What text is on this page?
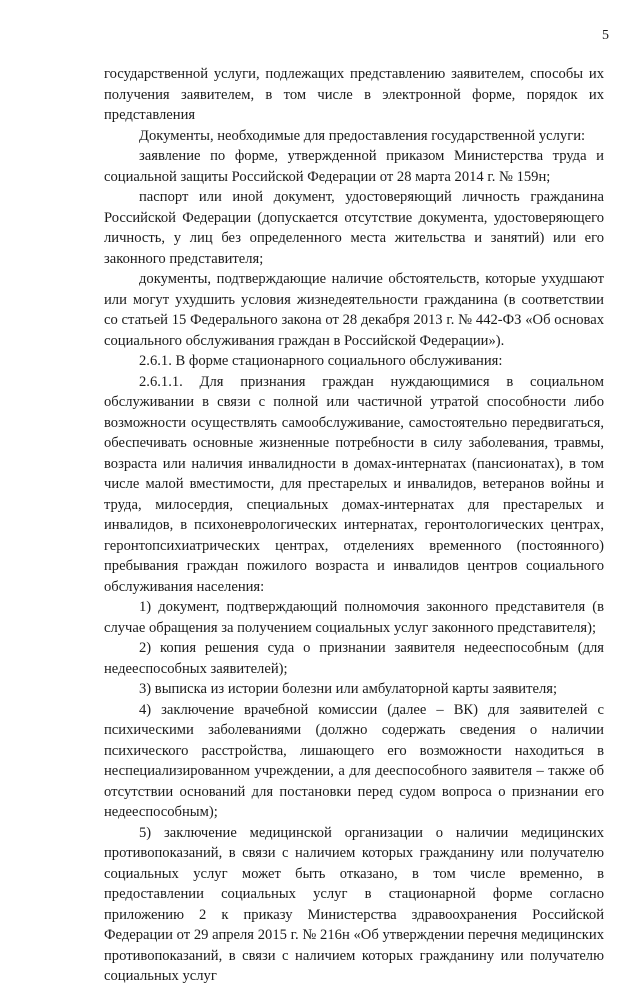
5

государственной услуги, подлежащих представлению заявителем, способы их получения заявителем, в том числе в электронной форме, порядок их представления

Документы, необходимые для предоставления государственной услуги:

заявление по форме, утвержденной приказом Министерства труда и социальной защиты Российской Федерации от 28 марта 2014 г. № 159н;

паспорт или иной документ, удостоверяющий личность гражданина Российской Федерации (допускается отсутствие документа, удостоверяющего личность, у лиц без определенного места жительства и занятий) или его законного представителя;

документы, подтверждающие наличие обстоятельств, которые ухудшают или могут ухудшить условия жизнедеятельности гражданина (в соответствии со статьей 15 Федерального закона от 28 декабря 2013 г. № 442-ФЗ «Об основах социального обслуживания граждан в Российской Федерации»).

2.6.1. В форме стационарного социального обслуживания:

2.6.1.1. Для признания граждан нуждающимися в социальном обслуживании в связи с полной или частичной утратой способности либо возможности осуществлять самообслуживание, самостоятельно передвигаться, обеспечивать основные жизненные потребности в силу заболевания, травмы, возраста или наличия инвалидности в домах-интернатах (пансионатах), в том числе малой вместимости, для престарелых и инвалидов, ветеранов войны и труда, милосердия, специальных домах-интернатах для престарелых и инвалидов, в психоневрологических интернатах, геронтологических центрах, геронтопсихиатрических центрах, отделениях временного (постоянного) пребывания граждан пожилого возраста и инвалидов центров социального обслуживания населения:

1) документ, подтверждающий полномочия законного представителя (в случае обращения за получением социальных услуг законного представителя);

2) копия решения суда о признании заявителя недееспособным (для недееспособных заявителей);

3) выписка из истории болезни или амбулаторной карты заявителя;

4) заключение врачебной комиссии (далее – ВК) для заявителей с психическими заболеваниями (должно содержать сведения о наличии психического расстройства, лишающего его возможности находиться в неспециализированном учреждении, а для дееспособного заявителя – также об отсутствии оснований для постановки перед судом вопроса о признании его недееспособным);

5) заключение медицинской организации о наличии медицинских противопоказаний, в связи с наличием которых гражданину или получателю социальных услуг может быть отказано, в том числе временно, в предоставлении социальных услуг в стационарной форме согласно приложению 2 к приказу Министерства здравоохранения Российской Федерации от 29 апреля 2015 г. № 216н «Об утверждении перечня медицинских противопоказаний, в связи с наличием которых гражданину или получателю социальных услуг
